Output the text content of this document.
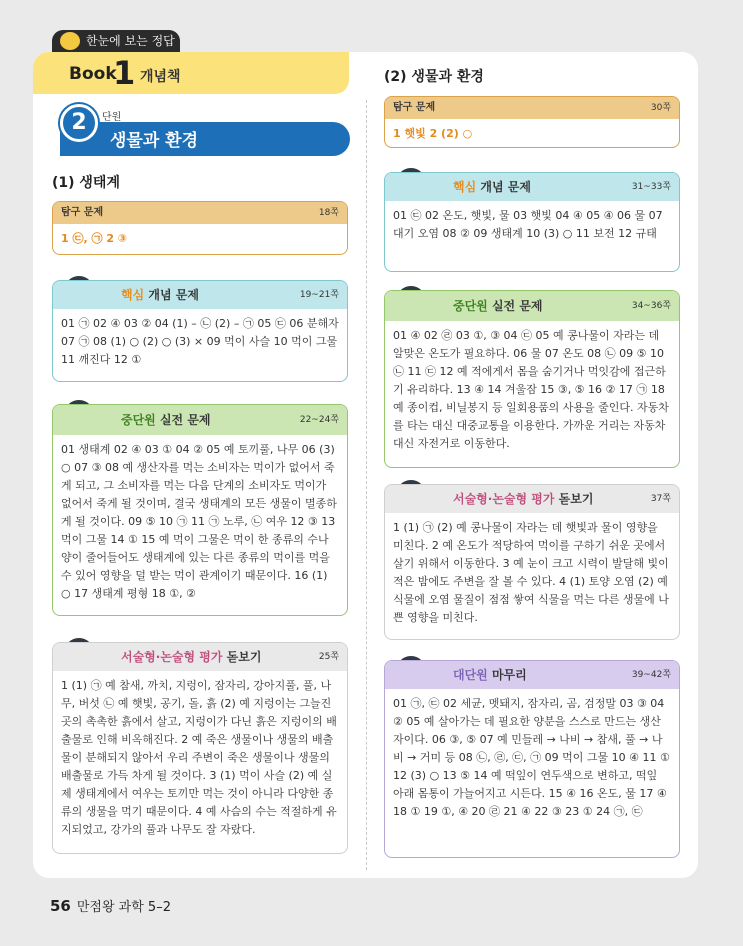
한눈에 보는 정답
Book
1 개념책
2	단원
생물과 환경
(1) 생태계
(2) 생물과 환경
탐구 문제	18쪽
1 ㉢, ㉠ 2 ③
핵심 개념 문제	19~21쪽
01 ㉠ 02 ④ 03 ② 04 (1) – ㉡ (2) – ㉠ 05 ㉢ 06 분해자 07 ㉠ 08 (1) ○ (2) ○ (3) × 09 먹이 사슬 10 먹이 그물 11 깨진다 12 ①
중단원 실전 문제	22~24쪽
01 생태계 02 ④ 03 ① 04 ② 05 예 토끼풀, 나무 06 (3) ○ 07 ③ 08 예 생산자를 먹는 소비자는 먹이가 없어서 죽게 되고, 그 소비자를 먹는 다음 단계의 소비자도 먹이가 없어서 죽게 될 것이며, 결국 생태계의 모든 생물이 멸종하게 될 것이다. 09 ⑤ 10 ㉠ 11 ㉠ 노루, ㉡ 여우 12 ③ 13 먹이 그물 14 ① 15 예 먹이 그물은 먹이 한 종류의 수나 양이 줄어들어도 생태계에 있는 다른 종류의 먹이를 먹을 수 있어 영향을 덜 받는 먹이 관계이기 때문이다. 16 (1) ○ 17 생태계 평형 18 ①, ②
서술형·논술형 평가 돋보기	25쪽
1 (1) ㉠ 예 참새, 까치, 지렁이, 잠자리, 강아지풀, 풀, 나무, 버섯 ㉡ 예 햇빛, 공기, 돌, 흙 (2) 예 지렁이는 그늘진 곳의 촉촉한 흙에서 살고, 지렁이가 다닌 흙은 지렁이의 배출물로 인해 비옥해진다. 2 예 죽은 생물이나 생물의 배출물이 분해되지 않아서 우리 주변이 죽은 생물이나 생물의 배출물로 가득 차게 될 것이다. 3 (1) 먹이 사슬 (2) 예 실제 생태계에서 여우는 토끼만 먹는 것이 아니라 다양한 종류의 생물을 먹기 때문이다. 4 예 사슴의 수는 적절하게 유지되었고, 강가의 풀과 나무도 잘 자랐다.
탐구 문제	30쪽
1 햇빛 2 (2) ○
핵심 개념 문제	31~33쪽
01 ㉢ 02 온도, 햇빛, 물 03 햇빛 04 ④ 05 ④ 06 물 07 대기 오염 08 ② 09 생태계 10 (3) ○ 11 보전 12 규태
중단원 실전 문제	34~36쪽
01 ④ 02 ㉣ 03 ①, ③ 04 ㉢ 05 예 콩나물이 자라는 데 알맞은 온도가 필요하다. 06 물 07 온도 08 ㉡ 09 ⑤ 10 ㉡ 11 ㉢ 12 예 적에게서 몸을 숨기거나 먹잇감에 접근하기 유리하다. 13 ④ 14 겨울잠 15 ③, ⑤ 16 ② 17 ㉠ 18 예 종이컵, 비닐봉지 등 일회용품의 사용을 줄인다. 자동차를 타는 대신 대중교통을 이용한다. 가까운 거리는 자동차 대신 자전거로 이동한다.
서술형·논술형 평가 돋보기	37쪽
1 (1) ㉠ (2) 예 콩나물이 자라는 데 햇빛과 물이 영향을 미친다. 2 예 온도가 적당하여 먹이를 구하기 쉬운 곳에서 살기 위해서 이동한다. 3 예 눈이 크고 시력이 발달해 빛이 적은 밤에도 주변을 잘 볼 수 있다. 4 (1) 토양 오염 (2) 예 식물에 오염 물질이 점점 쌓여 식물을 먹는 다른 생물에 나쁜 영향을 미친다.
대단원 마무리	39~42쪽
01 ㉠, ㉢ 02 세균, 멧돼지, 잠자리, 곰, 검정말 03 ③ 04 ② 05 예 살아가는 데 필요한 양분을 스스로 만드는 생산자이다. 06 ③, ⑤ 07 예 민들레 → 나비 → 참새, 풀 → 나비 → 거미 등 08 ㉡, ㉣, ㉢, ㉠ 09 먹이 그물 10 ④ 11 ① 12 (3) ○ 13 ⑤ 14 예 떡잎이 연두색으로 변하고, 떡잎 아래 몸통이 가늘어지고 시든다. 15 ④ 16 온도, 물 17 ④ 18 ① 19 ①, ④ 20 ㉣ 21 ④ 22 ③ 23 ① 24 ㉠, ㉢
56 만점왕 과학 5–2
